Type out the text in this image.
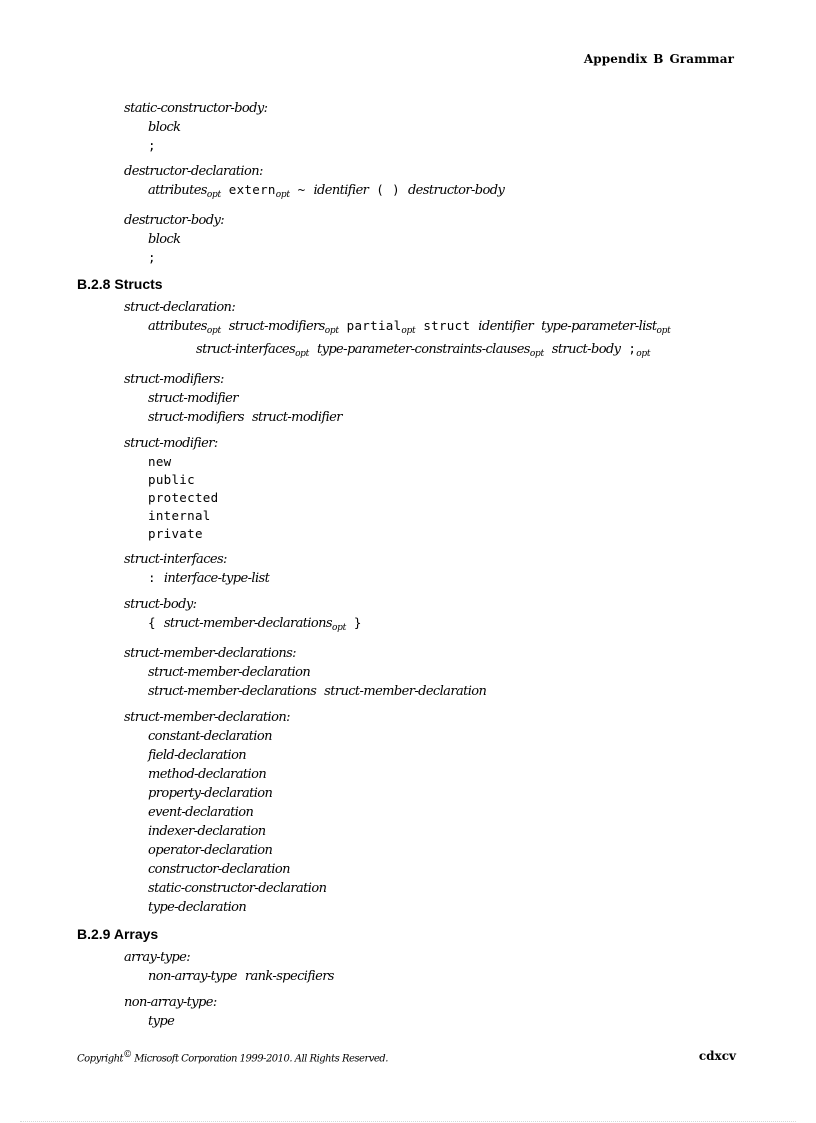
Appendix B Grammar
static-constructor-body:
block
;
destructor-declaration:
attributes$_{opt}$ extern$_{opt}$ ~ identifier ( ) destructor-body
destructor-body:
block
;
B.2.8 Structs
struct-declaration:
attributes$_{opt}$ struct-modifiers$_{opt}$ partial$_{opt}$ struct identifier type-parameter-list$_{opt}$
struct-interfaces$_{opt}$ type-parameter-constraints-clauses$_{opt}$ struct-body $;_{opt}$
struct-modifiers:
struct-modifier
struct-modifiers struct-modifier
struct-modifier:
new
public
protected
internal
private
struct-interfaces:
: interface-type-list
struct-body:
{ struct-member-declarations$_{opt}$ }
struct-member-declarations:
struct-member-declaration
struct-member-declarations struct-member-declaration
struct-member-declaration:
constant-declaration
field-declaration
method-declaration
property-declaration
event-declaration
indexer-declaration
operator-declaration
constructor-declaration
static-constructor-declaration
type-declaration
B.2.9 Arrays
array-type:
non-array-type rank-specifiers
non-array-type:
type
Copyright© Microsoft Corporation 1999-2010. All Rights Reserved.	cdxcv
